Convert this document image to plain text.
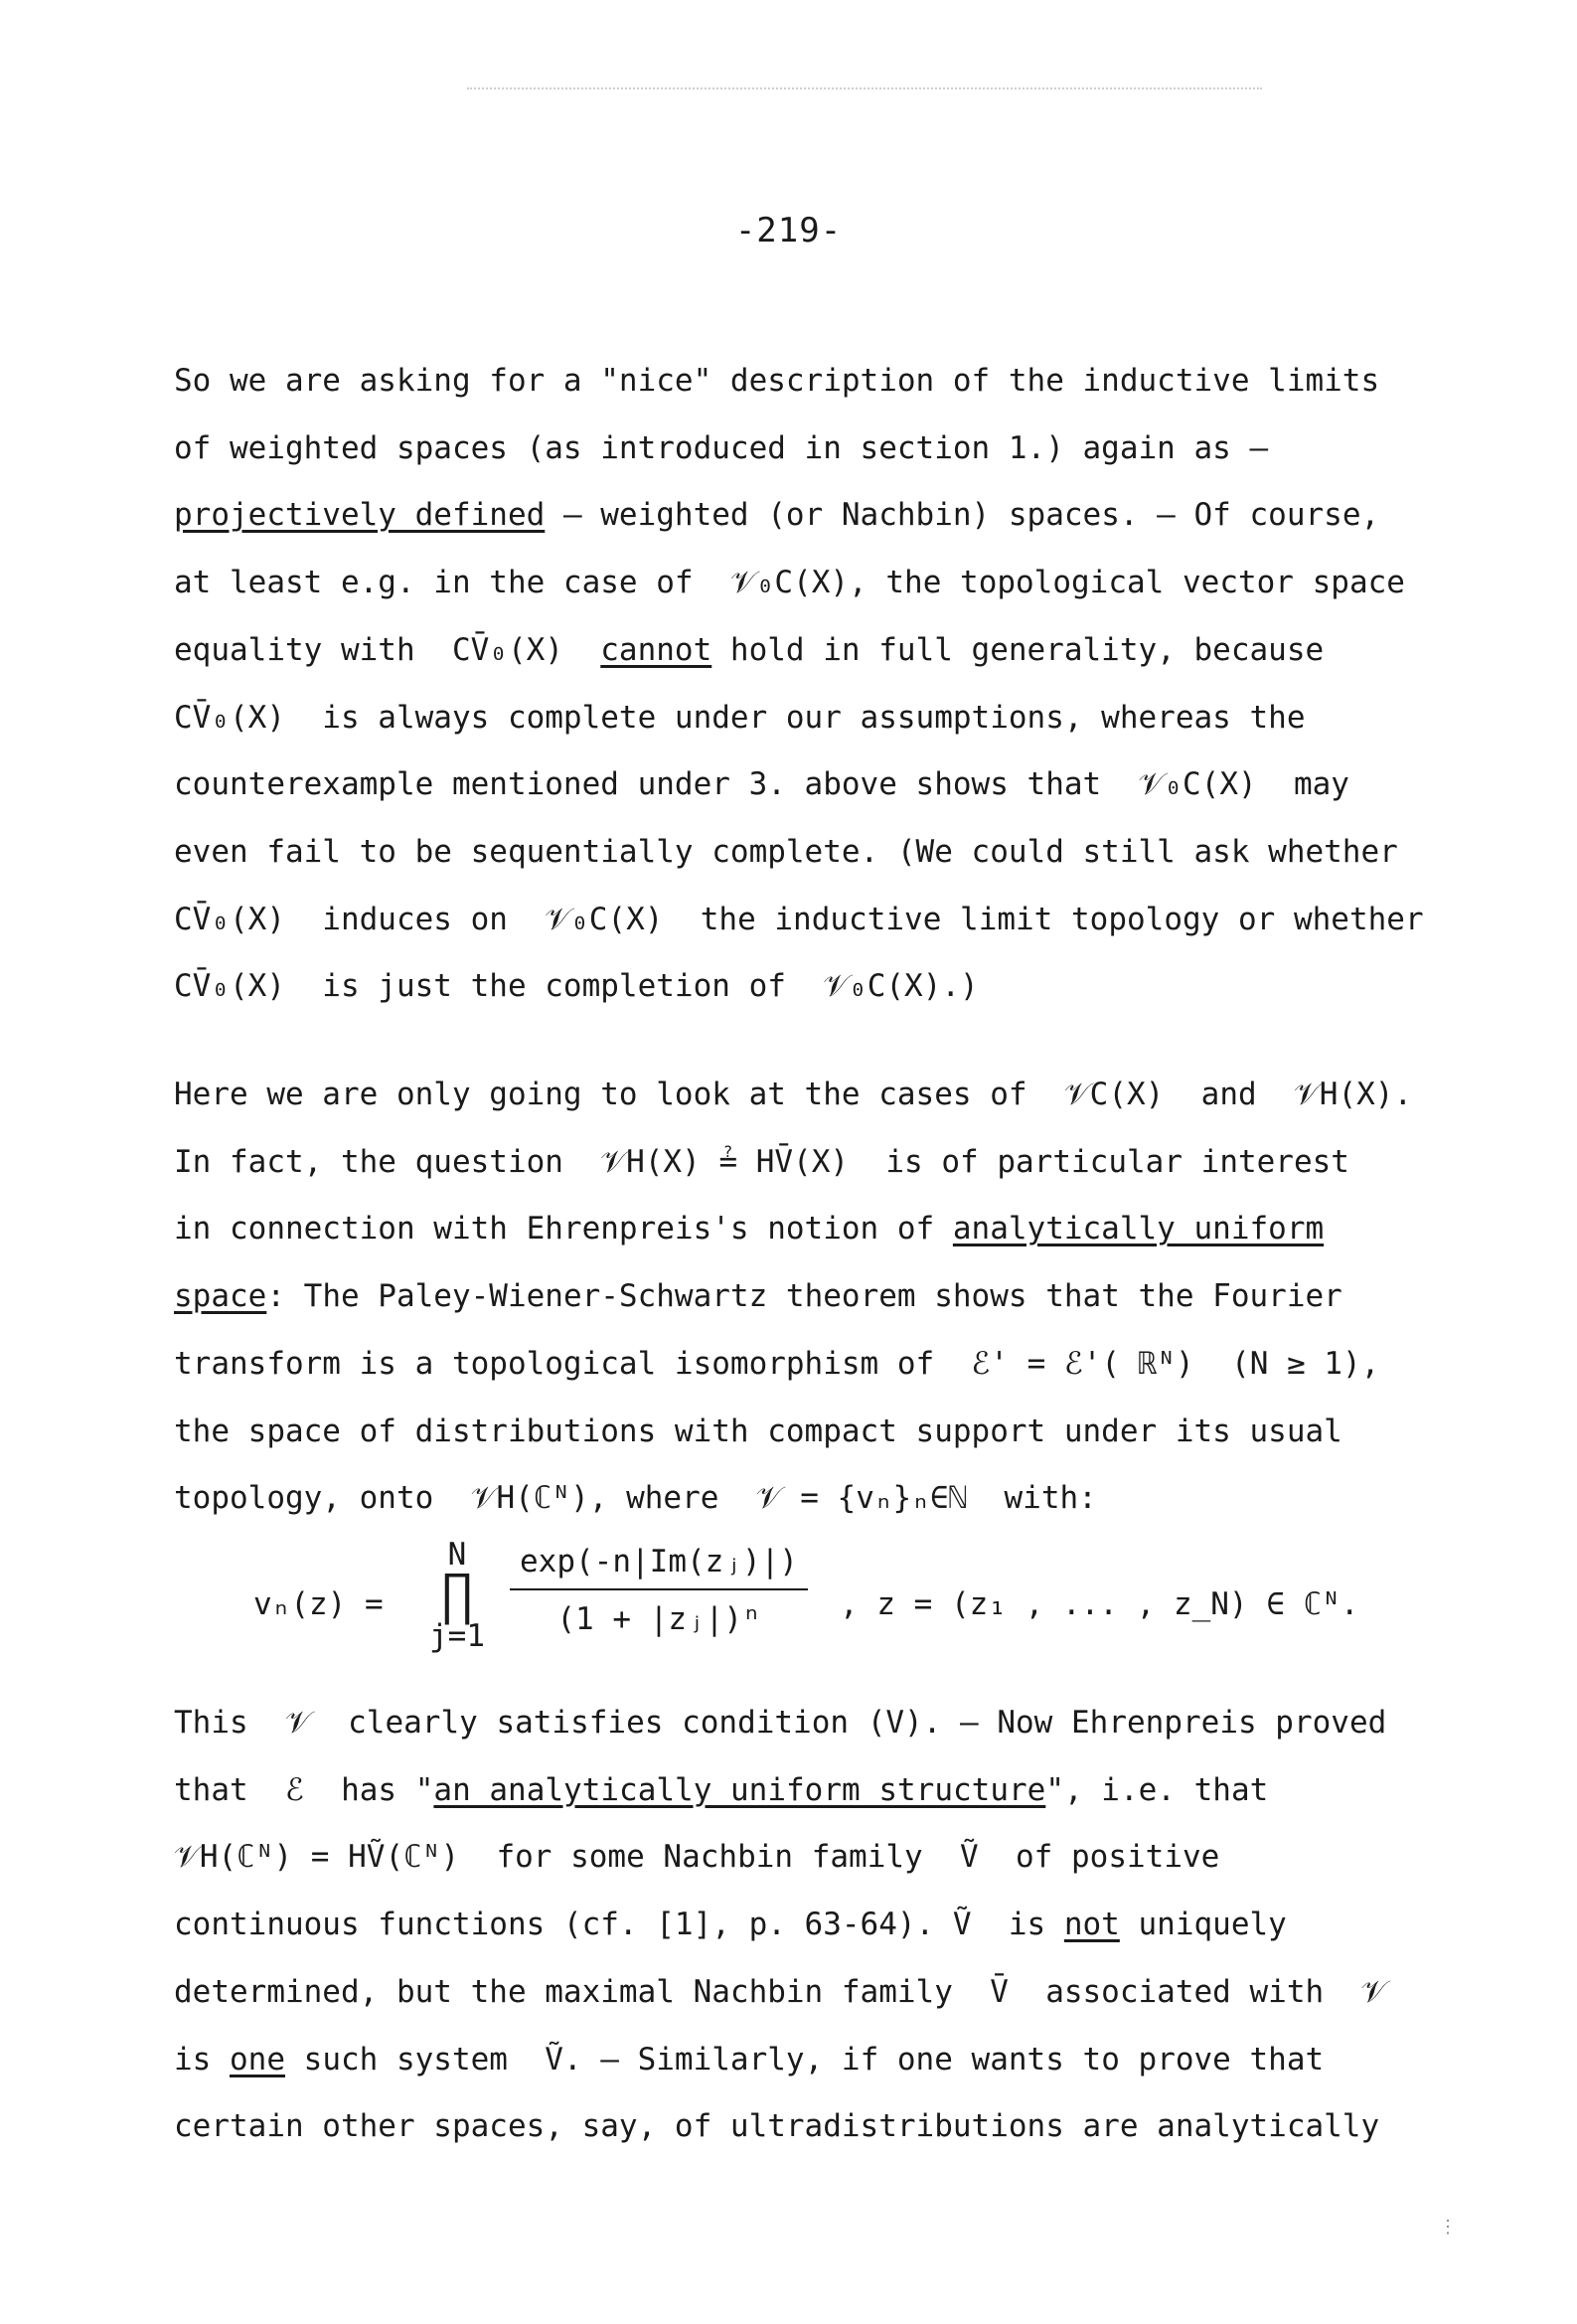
-219-
So we are asking for a "nice" description of the inductive limits
of weighted spaces (as introduced in section 1.) again as —
projectively defined — weighted (or Nachbin) spaces. — Of course,
at least e.g. in the case of  𝒱₀C(X), the topological vector space
equality with  CV̄₀(X)  cannot hold in full generality, because
CV̄₀(X)  is always complete under our assumptions, whereas the
counterexample mentioned under 3. above shows that  𝒱₀C(X)  may
even fail to be sequentially complete. (We could still ask whether
CV̄₀(X)  induces on  𝒱₀C(X)  the inductive limit topology or whether
CV̄₀(X)  is just the completion of  𝒱₀C(X).)
Here we are only going to look at the cases of  𝒱C(X)  and  𝒱H(X).
In fact, the question  𝒱H(X) ≟ HV̄(X)  is of particular interest
in connection with Ehrenpreis's notion of analytically uniform
space: The Paley-Wiener-Schwartz theorem shows that the Fourier
transform is a topological isomorphism of  ℰ' = ℰ'( ℝᴺ)  (N ≥ 1),
the space of distributions with compact support under its usual
topology, onto  𝒱H(ℂᴺ), where  𝒱 = {vₙ}ₙ∈ℕ  with:
vₙ(z) =
N
∏
j=1
exp(-n|Im(zⱼ)|)
(1 + |zⱼ|)ⁿ	, z = (z₁ , ... , z_N) ∈ ℂᴺ.
This  𝒱  clearly satisfies condition (V). — Now Ehrenpreis proved
that  ℰ  has "an analytically uniform structure", i.e. that
𝒱H(ℂᴺ) = HṼ(ℂᴺ)  for some Nachbin family  Ṽ  of positive
continuous functions (cf. [1], p. 63-64). Ṽ  is not uniquely
determined, but the maximal Nachbin family  V̄  associated with  𝒱
is one such system  Ṽ. — Similarly, if one wants to prove that
certain other spaces, say, of ultradistributions are analytically
⋮
